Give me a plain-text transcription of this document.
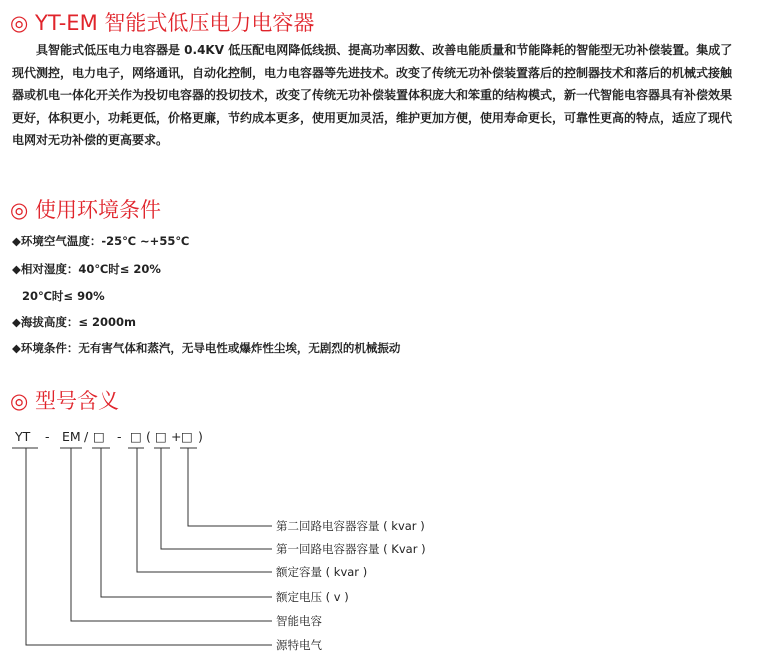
◎ YT-EM 智能式低压电力电容器
具智能式低压电力电容器是 0.4KV 低压配电网降低线损、提高功率因数、改善电能质量和节能降耗的智能型无功补偿装置。集成了
现代测控，电力电子，网络通讯，自动化控制，电力电容器等先进技术。改变了传统无功补偿装置落后的控制器技术和落后的机械式接触
器或机电一体化开关作为投切电容器的投切技术，改变了传统无功补偿装置体积庞大和笨重的结构模式，新一代智能电容器具有补偿效果
更好，体积更小，功耗更低，价格更廉，节约成本更多，使用更加灵活，维护更加方便，使用寿命更长，可靠性更高的特点，适应了现代
电网对无功补偿的更高要求。
◎ 使用环境条件
◆环境空气温度：-25℃ ~+55℃
◆相对湿度：40℃时≤ 20%
20℃时≤ 90%
◆海拔高度：≤ 2000m
◆环境条件：无有害气体和蒸汽，无导电性或爆炸性尘埃，无剧烈的机械振动
◎ 型号含义
YT - EM / □ - □ ( □ + □ )
第二回路电容器容量 ( kvar )
第一回路电容器容量 ( Kvar )
额定容量 ( kvar )
额定电压 ( v )
智能电容
源特电气
